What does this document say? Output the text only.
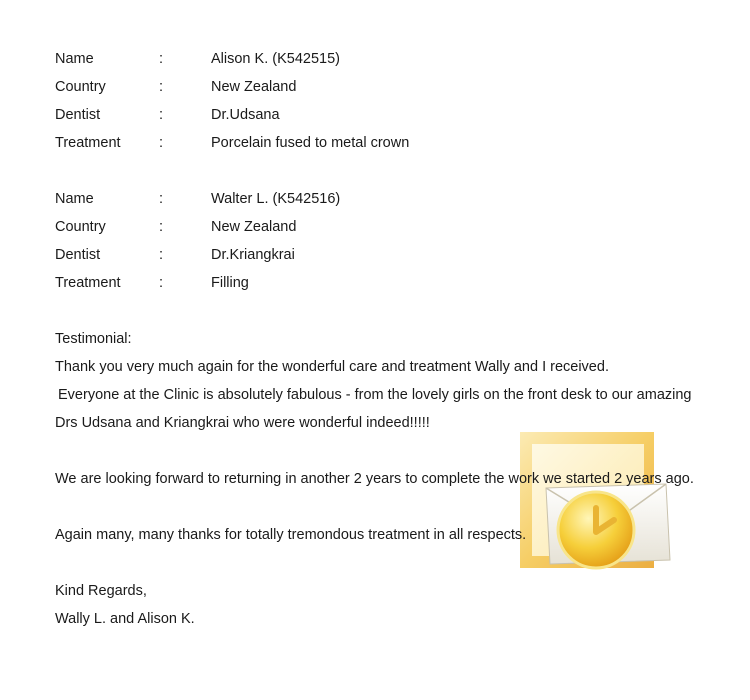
Name	:	Alison K. (K542515)
Country	:	New Zealand
Dentist	:	Dr.Udsana
Treatment	:	Porcelain fused to metal crown
Name	:	Walter L. (K542516)
Country	:	New Zealand
Dentist	:	Dr.Kriangkrai
Treatment	:	Filling
Testimonial:
Thank you very much again for the wonderful care and treatment Wally and I received.
Everyone at the Clinic is absolutely fabulous - from the lovely girls on the front desk to our amazing
Drs Udsana and Kriangkrai who were wonderful indeed!!!!!
We are looking forward to returning in another 2 years to complete the work we started 2 years ago.
Again many, many thanks for totally tremondous treatment in all respects.
Kind Regards,
Wally L. and Alison K.
